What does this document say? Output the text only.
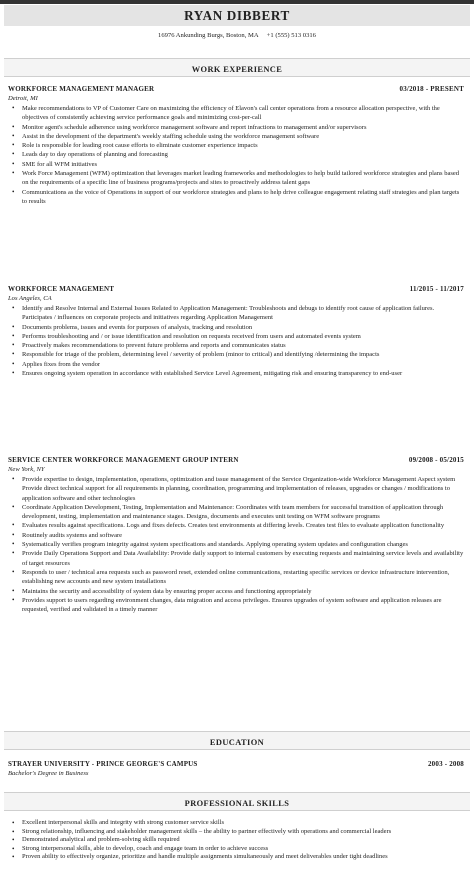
RYAN DIBBERT
16976 Ankunding Burgs, Boston, MA +1 (555) 513 0316
WORK EXPERIENCE
WORKFORCE MANAGEMENT MANAGER	03/2018 - PRESENT
Detroit, MI
• Make recommendations to VP of Customer Care on maximizing the efficiency of Elavon's call center operations from a resource allocation perspective, with the objectives of consistently achieving service performance goals and minimizing cost-per-call
• Monitor agent's schedule adherence using workforce management software and report infractions to management and/or supervisors
• Assist in the development of the department's weekly staffing schedule using the workforce management software
• Role is responsible for leading root cause efforts to eliminate customer experience impacts
• Leads day to day operations of planning and forecasting
• SME for all WFM initiatives
• Work Force Management (WFM) optimization that leverages market leading frameworks and methodologies to help build tailored workforce strategies and plans based on the requirements of a specific line of business programs/projects and sites to proactively address talent gaps
• Communications as the voice of Operations in support of our workforce strategies and plans to help drive colleague engagement relating staff strategies and plan targets to results
WORKFORCE MANAGEMENT	11/2015 - 11/2017
Los Angeles, CA
• Identify and Resolve Internal and External Issues Related to Application Management: Troubleshoots and debugs to identify root cause of application failures. Participates / influences on corporate projects and initiatives regarding Application Management
• Documents problems, issues and events for purposes of analysis, tracking and resolution
• Performs troubleshooting and / or issue identification and resolution on requests received from users and automated events system
• Proactively makes recommendations to prevent future problems and reports and communicates status
• Responsible for triage of the problem, determining level / severity of problem (minor to critical) and identifying /determining the impacts
• Applies fixes from the vendor
• Ensures ongoing system operation in accordance with established Service Level Agreement, mitigating risk and ensuring transparency to end-user
SERVICE CENTER WORKFORCE MANAGEMENT GROUP INTERN	09/2008 - 05/2015
New York, NY
• Provide expertise to design, implementation, operations, optimization and issue management of the Service Organization-wide Workforce Management Aspect system Provide direct technical support for all requirements in planning, coordination, programming and implementation of releases, upgrades or changes / modifications to application software and other technologies
• Coordinate Application Development, Testing, Implementation and Maintenance: Coordinates with team members for successful transition of application through development, testing, implementation and maintenance stages. Designs, documents and executes unit testing on WFM software programs
• Evaluates results against specifications. Logs and fixes defects. Creates test environments at differing levels. Creates test files to evaluate application functionality
• Routinely audits systems and software
• Systematically verifies program integrity against system specifications and standards. Applying operating system updates and configuration changes
• Provide Daily Operations Support and Data Availability: Provide daily support to internal customers by executing requests and maintaining service levels and availability of target resources
• Responds to user / technical area requests such as password reset, extended online communications, restarting specific services or device infrastructure intervention, establishing new accounts and new system installations
• Maintains the security and accessibility of system data by ensuring proper access and functioning appropriately
• Provides support to users regarding environment changes, data migration and access privileges. Ensures upgrades of system software and application releases are requested, verified and validated in a timely manner
EDUCATION
STRAYER UNIVERSITY - PRINCE GEORGE'S CAMPUS	2003 - 2008
Bachelor's Degree in Business
PROFESSIONAL SKILLS
• Excellent interpersonal skills and integrity with strong customer service skills
• Strong relationship, influencing and stakeholder management skills – the ability to partner effectively with operations and commercial leaders
• Demonstrated analytical and problem-solving skills required
• Strong interpersonal skills, able to develop, coach and engage team in order to achieve success
• Proven ability to effectively organize, prioritize and handle multiple assignments simultaneously and meet deliverables under tight deadlines
